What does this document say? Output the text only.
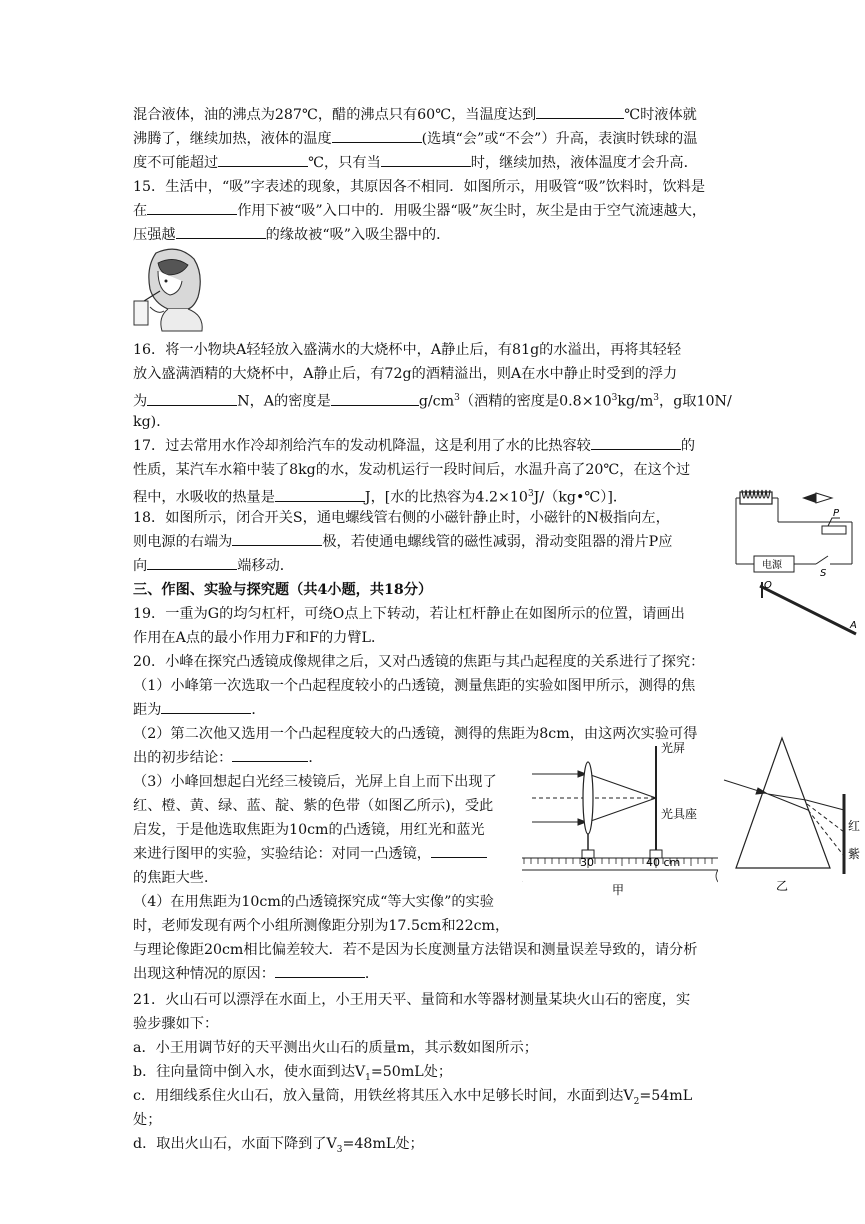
混合液体，油的沸点为287℃，醋的沸点只有60℃，当温度达到	℃时液体就
沸腾了，继续加热，液体的温度	(选填“会”或“不会”）升高，表演时铁球的温
度不可能超过	℃，只有当	时，继续加热，液体温度才会升高．
15．生活中，“吸”字表述的现象，其原因各不相同．如图所示，用吸管“吸”饮料时，饮料是
在	作用下被“吸”入口中的．用吸尘器“吸”灰尘时，灰尘是由于空气流速越大，
压强越	的缘故被“吸”入吸尘器中的．
16．将一小物块A轻轻放入盛满水的大烧杯中，A静止后，有81g的水溢出，再将其轻轻
放入盛满酒精的大烧杯中，A静止后，有72g的酒精溢出，则A在水中静止时受到的浮力
为	N，A的密度是	$g/cm^3$（酒精的密度是$0.8\times 10^3kg/m^3$，g取10N/
kg)．
17．过去常用水作冷却剂给汽车的发动机降温，这是利用了水的比热容较	的
性质，某汽车水箱中装了8kg的水，发动机运行一段时间后，水温升高了20℃，在这个过
程中，水吸收的热量是	J，[水的比热容为$4.2\times 10^3J/(kg•℃)$]．
18．如图所示，闭合开关S，通电螺线管右侧的小磁针静止时，小磁针的N极指向左，
则电源的右端为	极，若使通电螺线管的磁性减弱，滑动变阻器的滑片P应
向	端移动．
P
电源
S
三、作图、实验与探究题（共4小题，共18分）
19．一重为G的均匀杠杆，可绕O点上下转动，若让杠杆静止在如图所示的位置，请画出
作用在A点的最小作用力F和F的力臂L．
O
A
20．小峰在探究凸透镜成像规律之后，又对凸透镜的焦距与其凸起程度的关系进行了探究：
（1）小峰第一次选取一个凸起程度较小的凸透镜，测量焦距的实验如图甲所示，测得的焦
距为	．
（2）第二次他又选用一个凸起程度较大的凸透镜，测得的焦距为8cm，由这两次实验可得
出的初步结论：	．
（3）小峰回想起白光经三棱镜后，光屏上自上而下出现了
红、橙、黄、绿、蓝、靛、紫的色带（如图乙所示)，受此
启发，于是他选取焦距为10cm的凸透镜，用红光和蓝光
来进行图甲的实验，实验结论：对同一凸透镜，
的焦距大些．
（4）在用焦距为10cm的凸透镜探究成“等大实像”的实验
时，老师发现有两个小组所测像距分别为17.5cm和22cm，
与理论像距20cm相比偏差较大．若不是因为长度测量方法错误和测量误差导致的，请分析
出现这种情况的原因：	．
光屏
光具座
30	40 cm
甲
红
紫
乙
21．火山石可以漂浮在水面上，小王用天平、量筒和水等器材测量某块火山石的密度，实
验步骤如下：
a．小王用调节好的天平测出火山石的质量m，其示数如图所示；
b．往向量筒中倒入水，使水面到达$V_1=50mL$处；
c．用细线系住火山石，放入量筒，用铁丝将其压入水中足够长时间，水面到达$V_2=54mL$
处；
d．取出火山石，水面下降到了$V_3=48mL$处；
